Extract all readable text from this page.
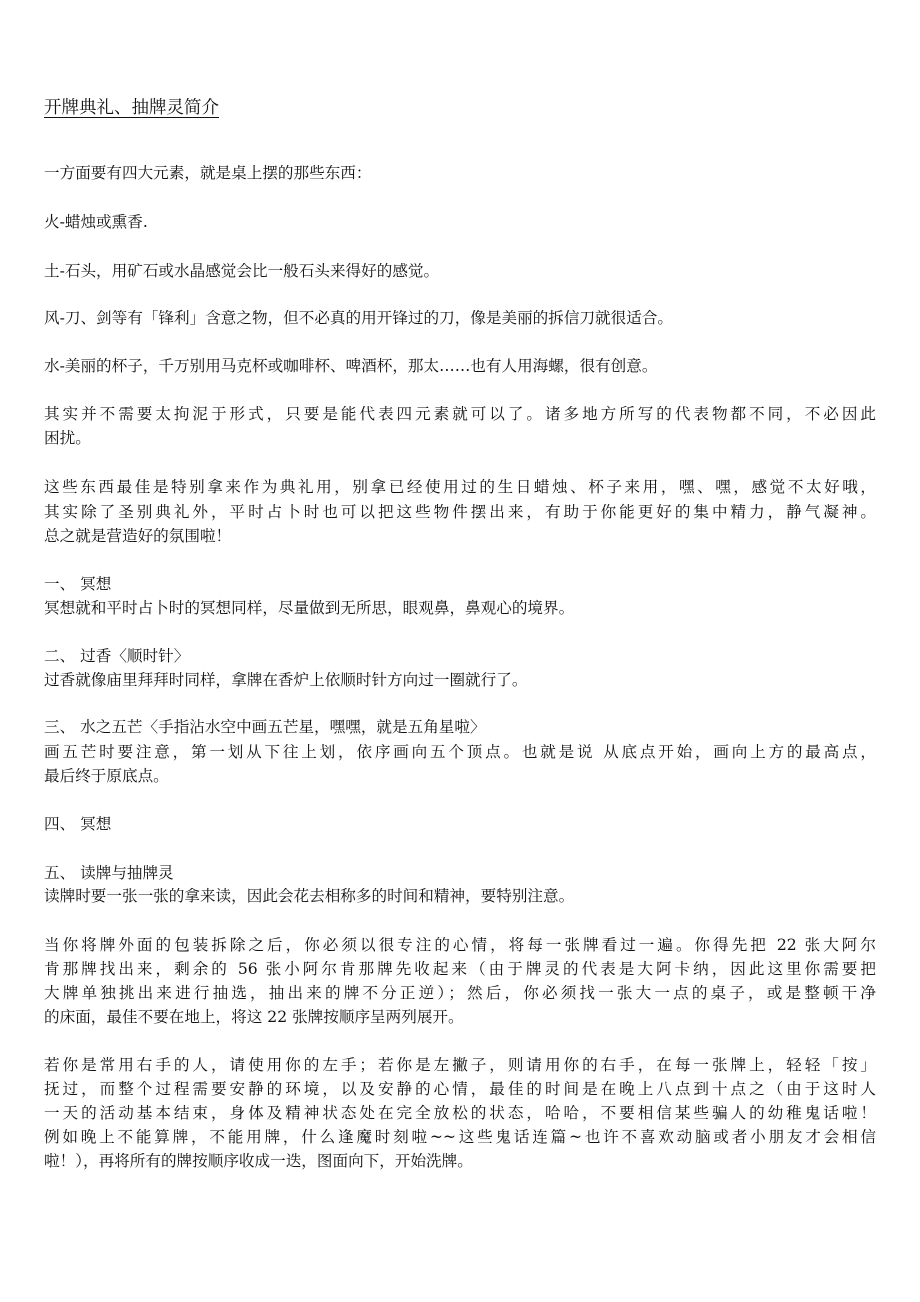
开牌典礼、抽牌灵简介
一方面要有四大元素，就是桌上摆的那些东西：
火-蜡烛或熏香.
土-石头，用矿石或水晶感觉会比一般石头来得好的感觉。
风-刀、剑等有「锋利」含意之物，但不必真的用开锋过的刀，像是美丽的拆信刀就很适合。
水-美丽的杯子，千万别用马克杯或咖啡杯、啤酒杯，那太……也有人用海螺，很有创意。
其实并不需要太拘泥于形式，只要是能代表四元素就可以了。诸多地方所写的代表物都不同，不必因此
困扰。
这些东西最佳是特别拿来作为典礼用，别拿已经使用过的生日蜡烛、杯子来用，嘿、嘿，感觉不太好哦，
其实除了圣别典礼外，平时占卜时也可以把这些物件摆出来，有助于你能更好的集中精力，静气凝神。
总之就是营造好的氛围啦！
一、 冥想
冥想就和平时占卜时的冥想同样，尽量做到无所思，眼观鼻，鼻观心的境界。
二、 过香〈顺时针〉
过香就像庙里拜拜时同样，拿牌在香炉上依顺时针方向过一圈就行了。
三、 水之五芒〈手指沾水空中画五芒星，嘿嘿，就是五角星啦〉
画五芒时要注意，第一划从下往上划，依序画向五个顶点。也就是说 从底点开始，画向上方的最高点，
最后终于原底点。
四、 冥想
五、 读牌与抽牌灵
读牌时要一张一张的拿来读，因此会花去相称多的时间和精神，要特别注意。
当你将牌外面的包装拆除之后，你必须以很专注的心情，将每一张牌看过一遍。你得先把 22 张大阿尔
肯那牌找出来，剩余的 56 张小阿尔肯那牌先收起来（由于牌灵的代表是大阿卡纳，因此这里你需要把
大牌单独挑出来进行抽选，抽出来的牌不分正逆）；然后，你必须找一张大一点的桌子，或是整顿干净
的床面，最佳不要在地上，将这 22 张牌按顺序呈两列展开。
若你是常用右手的人，请使用你的左手；若你是左撇子，则请用你的右手，在每一张牌上，轻轻「按」
抚过，而整个过程需要安静的环境，以及安静的心情，最佳的时间是在晚上八点到十点之（由于这时人
一天的活动基本结束，身体及精神状态处在完全放松的状态，哈哈，不要相信某些骗人的幼稚鬼话啦！
例如晚上不能算牌，不能用牌，什么逢魔时刻啦~~这些鬼话连篇~也许不喜欢动脑或者小朋友才会相信
啦！），再将所有的牌按顺序收成一迭，图面向下，开始洗牌。
